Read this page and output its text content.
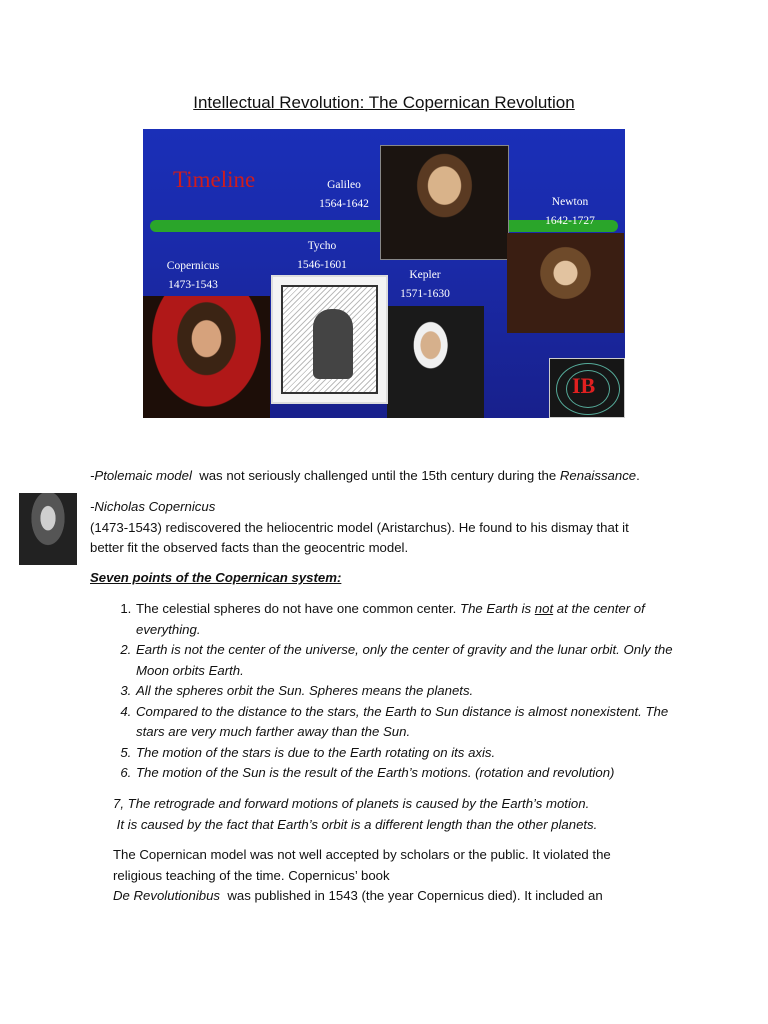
Intellectual Revolution: The Copernican Revolution
Timeline	Galileo
1564-1642	Newton
1642-1727
Tycho
1546-1601
Copernicus
1473-1543
Kepler
1571-1630
IB

-Ptolemaic model  was not seriously challenged until the 15th century during the Renaissance.

-Nicholas Copernicus
(1473-1543) rediscovered the heliocentric model (Aristarchus). He found to his dismay that it
better fit the observed facts than the geocentric model.
Seven points of the Copernican system:
1. The celestial spheres do not have one common center. The Earth is not at the center of everything.
2. Earth is not the center of the universe, only the center of gravity and the lunar orbit. Only the Moon orbits Earth.
3. All the spheres orbit the Sun. Spheres means the planets.
4. Compared to the distance to the stars, the Earth to Sun distance is almost nonexistent. The stars are very much farther away than the Sun.
5. The motion of the stars is due to the Earth rotating on its axis.
6. The motion of the Sun is the result of the Earth’s motions. (rotation and revolution)
7, The retrograde and forward motions of planets is caused by the Earth’s motion.
It is caused by the fact that Earth’s orbit is a different length than the other planets.
The Copernican model was not well accepted by scholars or the public. It violated the
religious teaching of the time. Copernicus’ book
De Revolutionibus  was published in 1543 (the year Copernicus died). It included an
